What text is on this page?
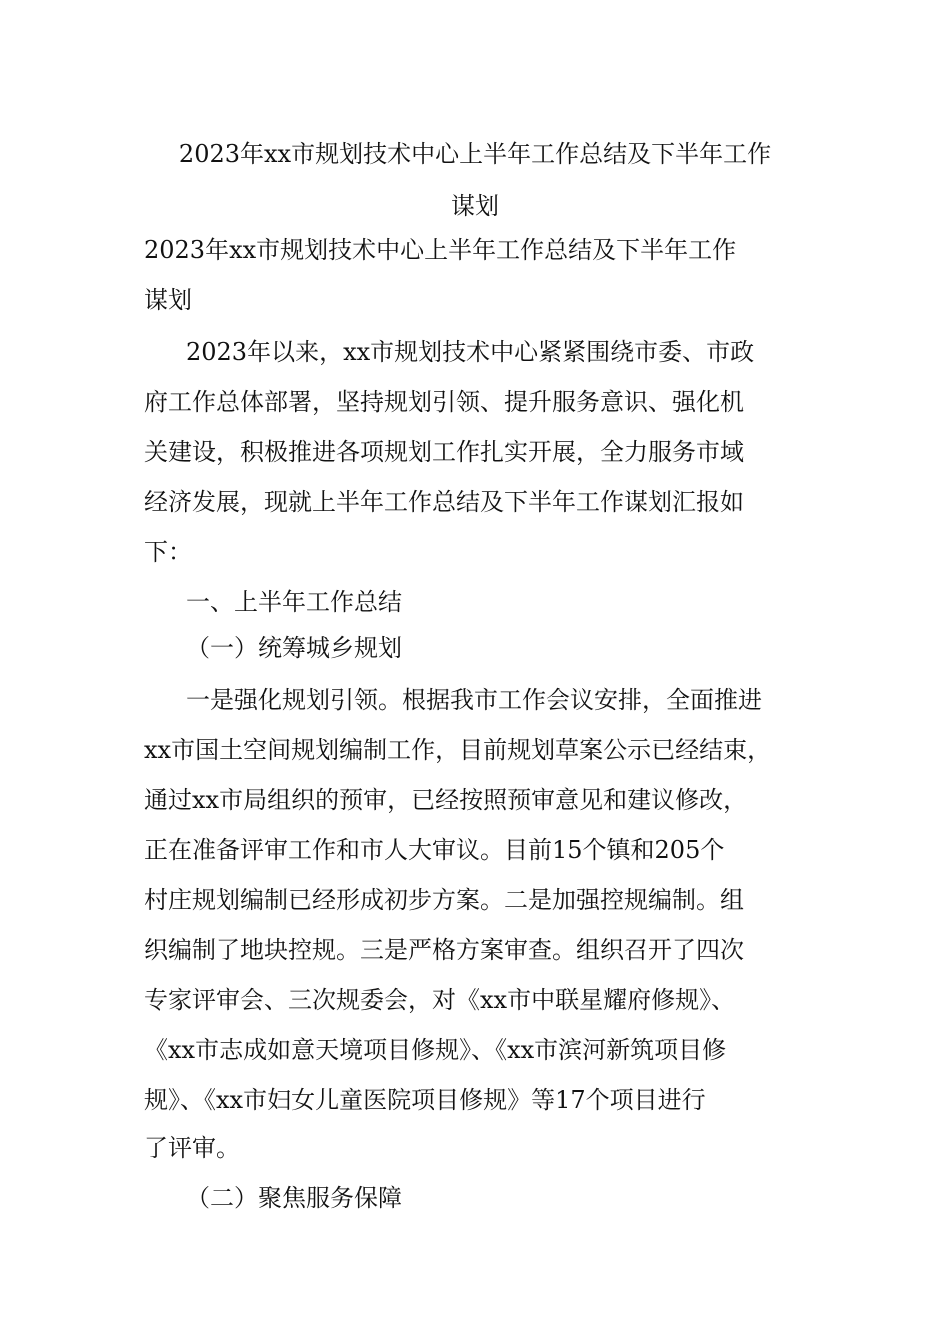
2023年xx市规划技术中心上半年工作总结及下半年工作
谋划
2023年xx市规划技术中心上半年工作总结及下半年工作
谋划
2023年以来，xx市规划技术中心紧紧围绕市委、市政
府工作总体部署，坚持规划引领、提升服务意识、强化机
关建设，积极推进各项规划工作扎实开展，全力服务市域
经济发展，现就上半年工作总结及下半年工作谋划汇报如
下：
一、上半年工作总结
（一）统筹城乡规划
一是强化规划引领。根据我市工作会议安排，全面推进
xx市国土空间规划编制工作，目前规划草案公示已经结束，
通过xx市局组织的预审，已经按照预审意见和建议修改，
正在准备评审工作和市人大审议。目前15个镇和205个
村庄规划编制已经形成初步方案。二是加强控规编制。组
织编制了地块控规。三是严格方案审查。组织召开了四次
专家评审会、三次规委会，对《xx市中联星耀府修规》、
《xx市志成如意天境项目修规》、《xx市滨河新筑项目修
规》、《xx市妇女儿童医院项目修规》等17个项目进行
了评审。
（二）聚焦服务保障
